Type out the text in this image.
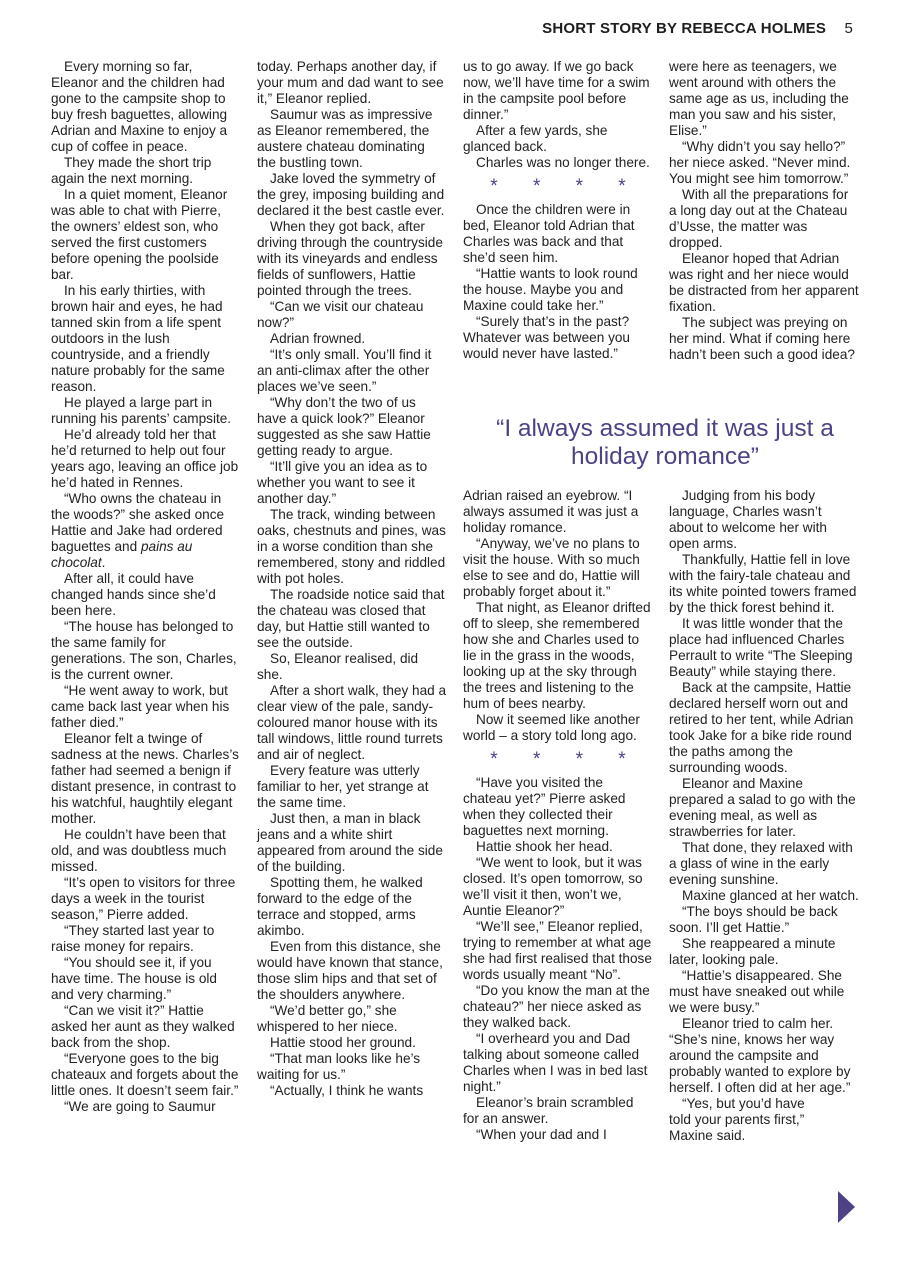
SHORT STORY BY REBECCA HOLMES 5

Every morning so far, Eleanor and the children had gone to the campsite shop to buy fresh baguettes, allowing Adrian and Maxine to enjoy a cup of coffee in peace.

They made the short trip again the next morning.

In a quiet moment, Eleanor was able to chat with Pierre, the owners’ eldest son, who served the first customers before opening the poolside bar.

In his early thirties, with brown hair and eyes, he had tanned skin from a life spent outdoors in the lush countryside, and a friendly nature probably for the same reason.

He played a large part in running his parents’ campsite.

He’d already told her that he’d returned to help out four years ago, leaving an office job he’d hated in Rennes.

“Who owns the chateau in the woods?” she asked once Hattie and Jake had ordered baguettes and pains au chocolat.

After all, it could have changed hands since she’d been here.

“The house has belonged to the same family for generations. The son, Charles, is the current owner.

“He went away to work, but came back last year when his father died.”

Eleanor felt a twinge of sadness at the news. Charles’s father had seemed a benign if distant presence, in contrast to his watchful, haughtily elegant mother.

He couldn’t have been that old, and was doubtless much missed.

“It’s open to visitors for three days a week in the tourist season,” Pierre added.

“They started last year to raise money for repairs.

“You should see it, if you have time. The house is old and very charming.”

“Can we visit it?” Hattie asked her aunt as they walked back from the shop.

“Everyone goes to the big chateaux and forgets about the little ones. It doesn’t seem fair.”

“We are going to Saumur

today. Perhaps another day, if your mum and dad want to see it,” Eleanor replied.

Saumur was as impressive as Eleanor remembered, the austere chateau dominating the bustling town.

Jake loved the symmetry of the grey, imposing building and declared it the best castle ever.

When they got back, after driving through the countryside with its vineyards and endless fields of sunflowers, Hattie pointed through the trees.

“Can we visit our chateau now?”

Adrian frowned.

“It’s only small. You’ll find it an anti-climax after the other places we’ve seen.”

“Why don’t the two of us have a quick look?” Eleanor suggested as she saw Hattie getting ready to argue.

“It’ll give you an idea as to whether you want to see it another day.”

The track, winding between oaks, chestnuts and pines, was in a worse condition than she remembered, stony and riddled with pot holes.

The roadside notice said that the chateau was closed that day, but Hattie still wanted to see the outside.

So, Eleanor realised, did she.

After a short walk, they had a clear view of the pale, sandy-coloured manor house with its tall windows, little round turrets and air of neglect.

Every feature was utterly familiar to her, yet strange at the same time.

Just then, a man in black jeans and a white shirt appeared from around the side of the building.

Spotting them, he walked forward to the edge of the terrace and stopped, arms akimbo.

Even from this distance, she would have known that stance, those slim hips and that set of the shoulders anywhere.

“We’d better go,” she whispered to her niece.

Hattie stood her ground.

“That man looks like he’s waiting for us.”

“Actually, I think he wants

us to go away. If we go back now, we’ll have time for a swim in the campsite pool before dinner.”

After a few yards, she glanced back.

Charles was no longer there.

* * * *

Once the children were in bed, Eleanor told Adrian that Charles was back and that she’d seen him.

“Hattie wants to look round the house. Maybe you and Maxine could take her.”

“Surely that’s in the past? Whatever was between you would never have lasted.”

were here as teenagers, we went around with others the same age as us, including the man you saw and his sister, Elise.”

“Why didn’t you say hello?” her niece asked. “Never mind. You might see him tomorrow.”

With all the preparations for a long day out at the Chateau d’Usse, the matter was dropped.

Eleanor hoped that Adrian was right and her niece would be distracted from her apparent fixation.

The subject was preying on her mind. What if coming here hadn’t been such a good idea?

“I always assumed it was just a holiday romance”

Adrian raised an eyebrow. “I always assumed it was just a holiday romance.

“Anyway, we’ve no plans to visit the house. With so much else to see and do, Hattie will probably forget about it.”

That night, as Eleanor drifted off to sleep, she remembered how she and Charles used to lie in the grass in the woods, looking up at the sky through the trees and listening to the hum of bees nearby.

Now it seemed like another world – a story told long ago.

* * * *

“Have you visited the chateau yet?” Pierre asked when they collected their baguettes next morning.

Hattie shook her head.

“We went to look, but it was closed. It’s open tomorrow, so we’ll visit it then, won’t we, Auntie Eleanor?”

“We’ll see,” Eleanor replied, trying to remember at what age she had first realised that those words usually meant “No”.

“Do you know the man at the chateau?” her niece asked as they walked back.

“I overheard you and Dad talking about someone called Charles when I was in bed last night.”

Eleanor’s brain scrambled for an answer.

“When your dad and I

Judging from his body language, Charles wasn’t about to welcome her with open arms.

Thankfully, Hattie fell in love with the fairy-tale chateau and its white pointed towers framed by the thick forest behind it.

It was little wonder that the place had influenced Charles Perrault to write “The Sleeping Beauty” while staying there.

Back at the campsite, Hattie declared herself worn out and retired to her tent, while Adrian took Jake for a bike ride round the paths among the surrounding woods.

Eleanor and Maxine prepared a salad to go with the evening meal, as well as strawberries for later.

That done, they relaxed with a glass of wine in the early evening sunshine.

Maxine glanced at her watch.

“The boys should be back soon. I’ll get Hattie.”

She reappeared a minute later, looking pale.

“Hattie’s disappeared. She must have sneaked out while we were busy.”

Eleanor tried to calm her. “She’s nine, knows her way around the campsite and probably wanted to explore by herself. I often did at her age.”

“Yes, but you’d have told your parents first,” Maxine said.
